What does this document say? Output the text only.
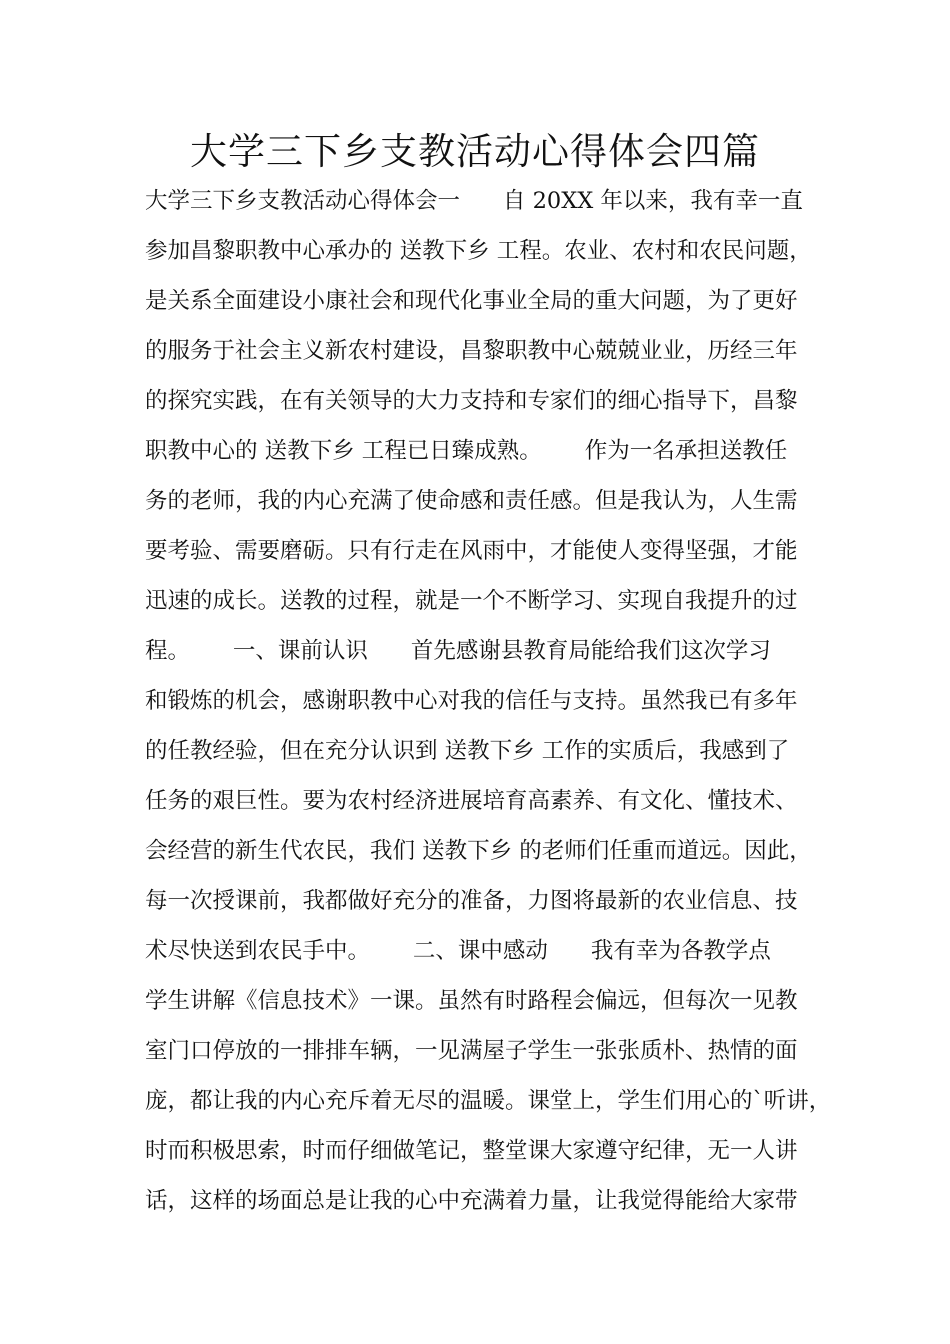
大学三下乡支教活动心得体会四篇
大学三下乡支教活动心得体会一      自 20XX 年以来，我有幸一直
参加昌黎职教中心承办的 送教下乡 工程。农业、农村和农民问题，
是关系全面建设小康社会和现代化事业全局的重大问题，为了更好
的服务于社会主义新农村建设，昌黎职教中心兢兢业业，历经三年
的探究实践，在有关领导的大力支持和专家们的细心指导下，昌黎
职教中心的 送教下乡 工程已日臻成熟。      作为一名承担送教任
务的老师，我的内心充满了使命感和责任感。但是我认为，人生需
要考验、需要磨砺。只有行走在风雨中，才能使人变得坚强，才能
迅速的成长。送教的过程，就是一个不断学习、实现自我提升的过
程。      一、课前认识      首先感谢县教育局能给我们这次学习
和锻炼的机会，感谢职教中心对我的信任与支持。虽然我已有多年
的任教经验，但在充分认识到 送教下乡 工作的实质后，我感到了
任务的艰巨性。要为农村经济进展培育高素养、有文化、懂技术、
会经营的新生代农民，我们 送教下乡 的老师们任重而道远。因此，
每一次授课前，我都做好充分的准备，力图将最新的农业信息、技
术尽快送到农民手中。      二、课中感动      我有幸为各教学点
学生讲解《信息技术》一课。虽然有时路程会偏远，但每次一见教
室门口停放的一排排车辆，一见满屋子学生一张张质朴、热情的面
庞，都让我的内心充斥着无尽的温暖。课堂上，学生们用心的`听讲，
时而积极思索，时而仔细做笔记，整堂课大家遵守纪律，无一人讲
话，这样的场面总是让我的心中充满着力量，让我觉得能给大家带
